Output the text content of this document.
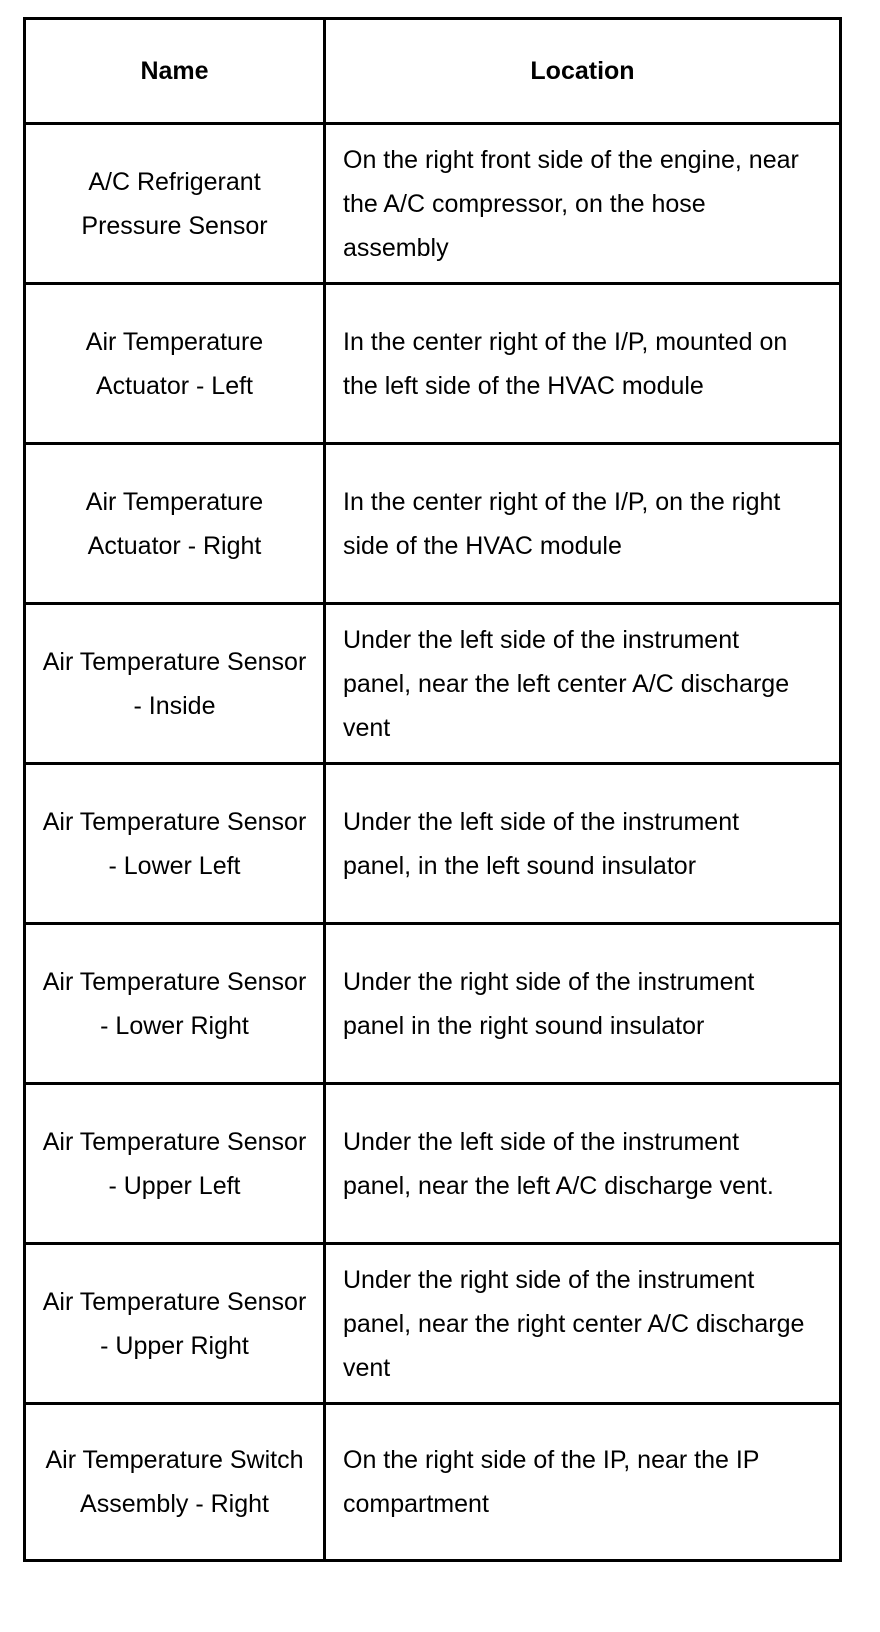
Name	Location
A/C Refrigerant Pressure Sensor	On the right front side of the engine, near the A/C compressor, on the hose assembly
Air Temperature Actuator - Left	In the center right of the I/P, mounted on the left side of the HVAC module
Air Temperature Actuator - Right	In the center right of the I/P, on the right side of the HVAC module
Air Temperature Sensor - Inside	Under the left side of the instrument panel, near the left center A/C discharge vent
Air Temperature Sensor - Lower Left	Under the left side of the instrument panel, in the left sound insulator
Air Temperature Sensor - Lower Right	Under the right side of the instrument panel in the right sound insulator
Air Temperature Sensor - Upper Left	Under the left side of the instrument panel, near the left A/C discharge vent.
Air Temperature Sensor - Upper Right	Under the right side of the instrument panel, near the right center A/C discharge vent
Air Temperature Switch Assembly - Right	On the right side of the IP, near the IP compartment
